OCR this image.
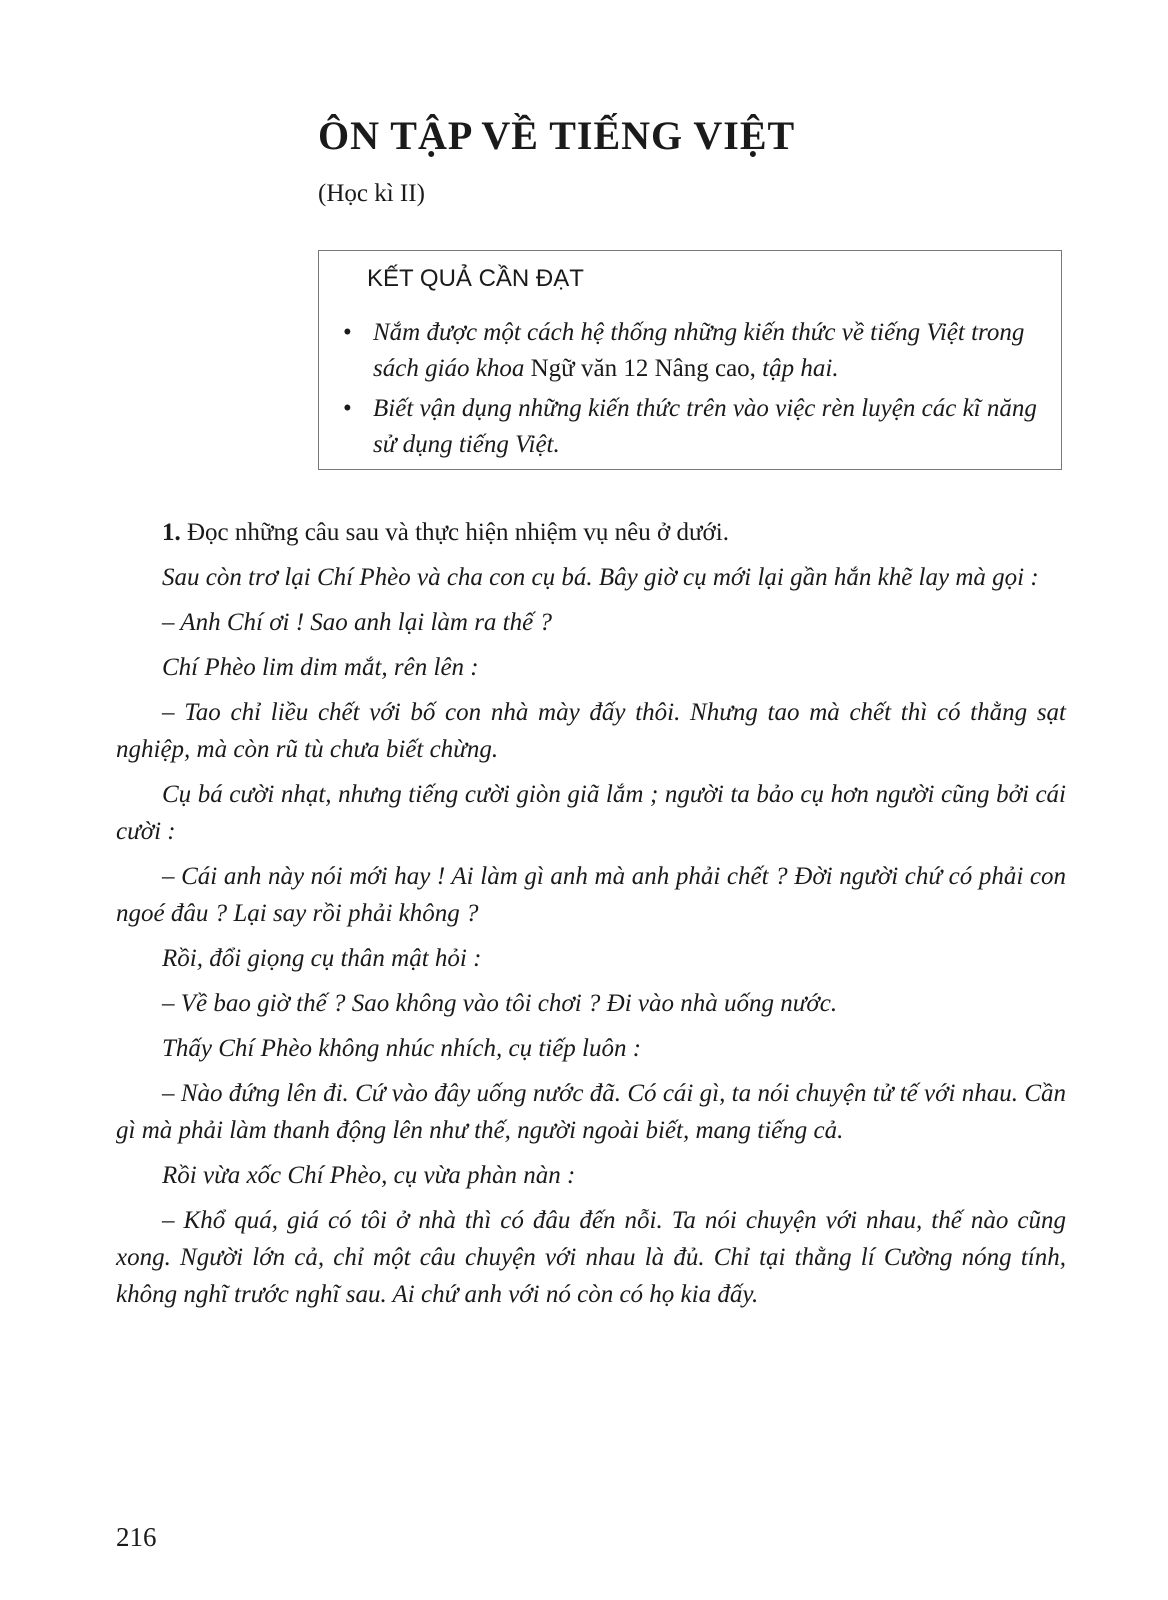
ÔN TẬP VỀ TIẾNG VIỆT
(Học kì II)
KẾT QUẢ CẦN ĐẠT
• Nắm được một cách hệ thống những kiến thức về tiếng Việt trong sách giáo khoa Ngữ văn 12 Nâng cao, tập hai.
• Biết vận dụng những kiến thức trên vào việc rèn luyện các kĩ năng sử dụng tiếng Việt.

1. Đọc những câu sau và thực hiện nhiệm vụ nêu ở dưới.

Sau còn trơ lại Chí Phèo và cha con cụ bá. Bây giờ cụ mới lại gần hắn khẽ lay mà gọi :

– Anh Chí ơi ! Sao anh lại làm ra thế ?

Chí Phèo lim dim mắt, rên lên :

– Tao chỉ liều chết với bố con nhà mày đấy thôi. Nhưng tao mà chết thì có thằng sạt nghiệp, mà còn rũ tù chưa biết chừng.

Cụ bá cười nhạt, nhưng tiếng cười giòn giã lắm ; người ta bảo cụ hơn người cũng bởi cái cười :

– Cái anh này nói mới hay ! Ai làm gì anh mà anh phải chết ? Đời người chứ có phải con ngoé đâu ? Lại say rồi phải không ?

Rồi, đổi giọng cụ thân mật hỏi :

– Về bao giờ thế ? Sao không vào tôi chơi ? Đi vào nhà uống nước.

Thấy Chí Phèo không nhúc nhích, cụ tiếp luôn :

– Nào đứng lên đi. Cứ vào đây uống nước đã. Có cái gì, ta nói chuyện tử tế với nhau. Cần gì mà phải làm thanh động lên như thế, người ngoài biết, mang tiếng cả.

Rồi vừa xốc Chí Phèo, cụ vừa phàn nàn :

– Khổ quá, giá có tôi ở nhà thì có đâu đến nỗi. Ta nói chuyện với nhau, thế nào cũng xong. Người lớn cả, chỉ một câu chuyện với nhau là đủ. Chỉ tại thằng lí Cường nóng tính, không nghĩ trước nghĩ sau. Ai chứ anh với nó còn có họ kia đấy.

216
